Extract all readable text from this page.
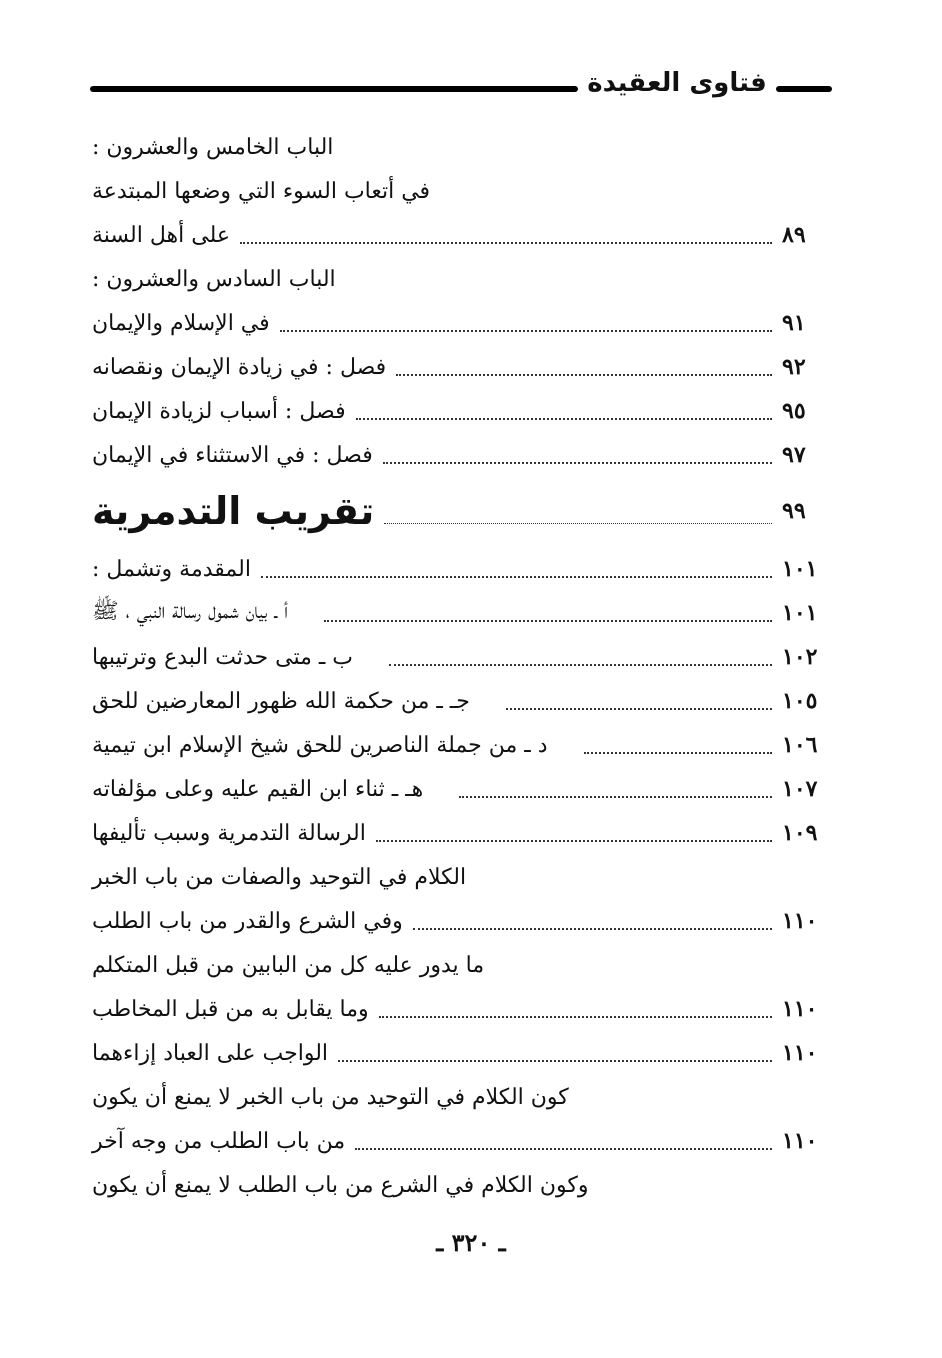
فتاوى العقيدة
الباب الخامس والعشرون :
في أتعاب السوء التي وضعها المبتدعة
على أهل السنة	٨٩
الباب السادس والعشرون :
في الإسلام والإيمان	٩١
فصل : في زيادة الإيمان ونقصانه	٩٢
فصل : أسباب لزيادة الإيمان	٩٥
فصل : في الاستثناء في الإيمان	٩٧
تقريب التدمرية	٩٩
المقدمة وتشمل :	١٠١
أ ـ بيان شمول رسالة النبي ، ﷺ	١٠١
ب ـ متى حدثت البدع وترتيبها	١٠٢
جـ ـ من حكمة الله ظهور المعارضين للحق	١٠٥
د ـ من جملة الناصرين للحق شيخ الإسلام ابن تيمية	١٠٦
هـ ـ ثناء ابن القيم عليه وعلى مؤلفاته	١٠٧
الرسالة التدمرية وسبب تأليفها	١٠٩
الكلام في التوحيد والصفات من باب الخبر
وفي الشرع والقدر من باب الطلب	١١٠
ما يدور عليه كل من البابين من قبل المتكلم
وما يقابل به من قبل المخاطب	١١٠
الواجب على العباد إزاءهما	١١٠
كون الكلام في التوحيد من باب الخبر لا يمنع أن يكون
من باب الطلب من وجه آخر	١١٠
وكون الكلام في الشرع من باب الطلب لا يمنع أن يكون
ـ ٣٢٠ ـ
